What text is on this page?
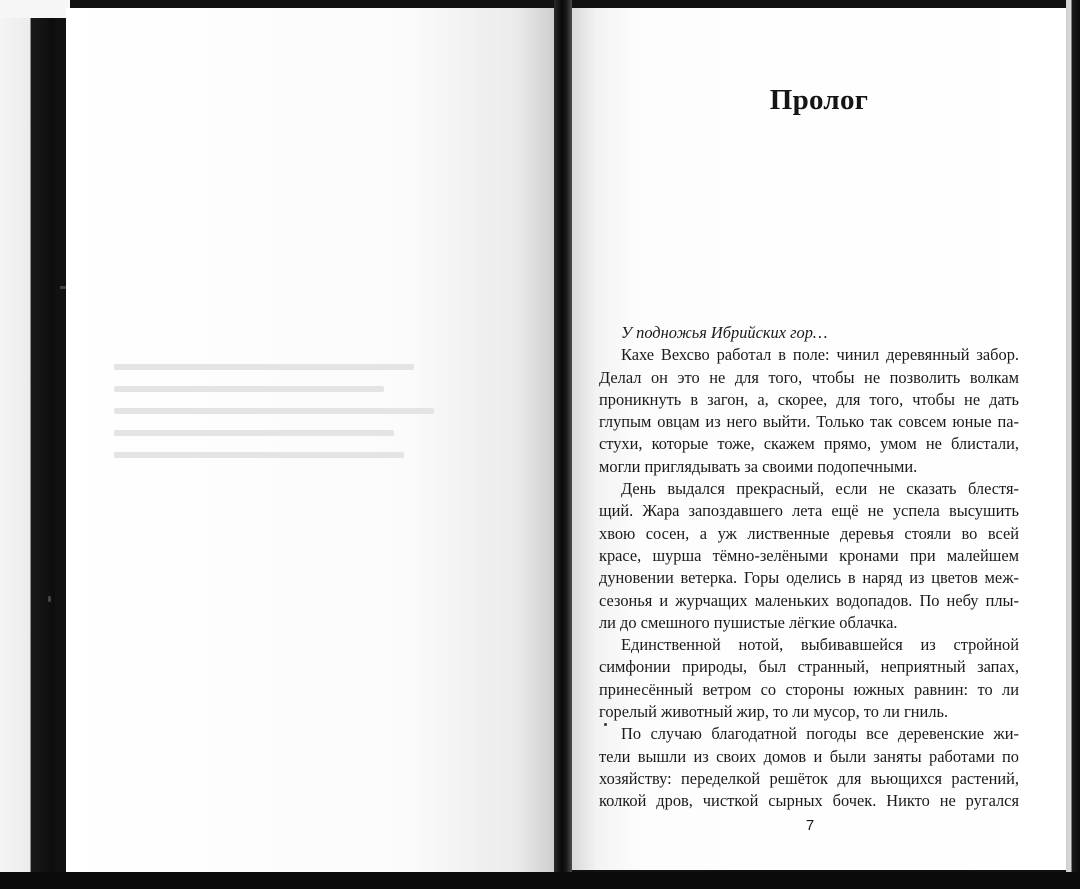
Пролог
У подножья Ибрийских гор…
Кахе Вехсво работал в поле: чинил деревянный забор.
Делал он это не для того, чтобы не позволить волкам
проникнуть в загон, а, скорее, для того, чтобы не дать
глупым овцам из него выйти. Только так совсем юные па-
стухи, которые тоже, скажем прямо, умом не блистали,
могли приглядывать за своими подопечными.
День выдался прекрасный, если не сказать блестя-
щий. Жара запоздавшего лета ещё не успела высушить
хвою сосен, а уж лиственные деревья стояли во всей
красе, шурша тёмно-зелёными кронами при малейшем
дуновении ветерка. Горы оделись в наряд из цветов меж-
сезонья и журчащих маленьких водопадов. По небу плы-
ли до смешного пушистые лёгкие облачка.
Единственной нотой, выбивавшейся из стройной
симфонии природы, был странный, неприятный запах,
принесённый ветром со стороны южных равнин: то ли
горелый животный жир, то ли мусор, то ли гниль.
По случаю благодатной погоды все деревенские жи-
тели вышли из своих домов и были заняты работами по
хозяйству: переделкой решёток для вьющихся растений,
колкой дров, чисткой сырных бочек. Никто не ругался
7
